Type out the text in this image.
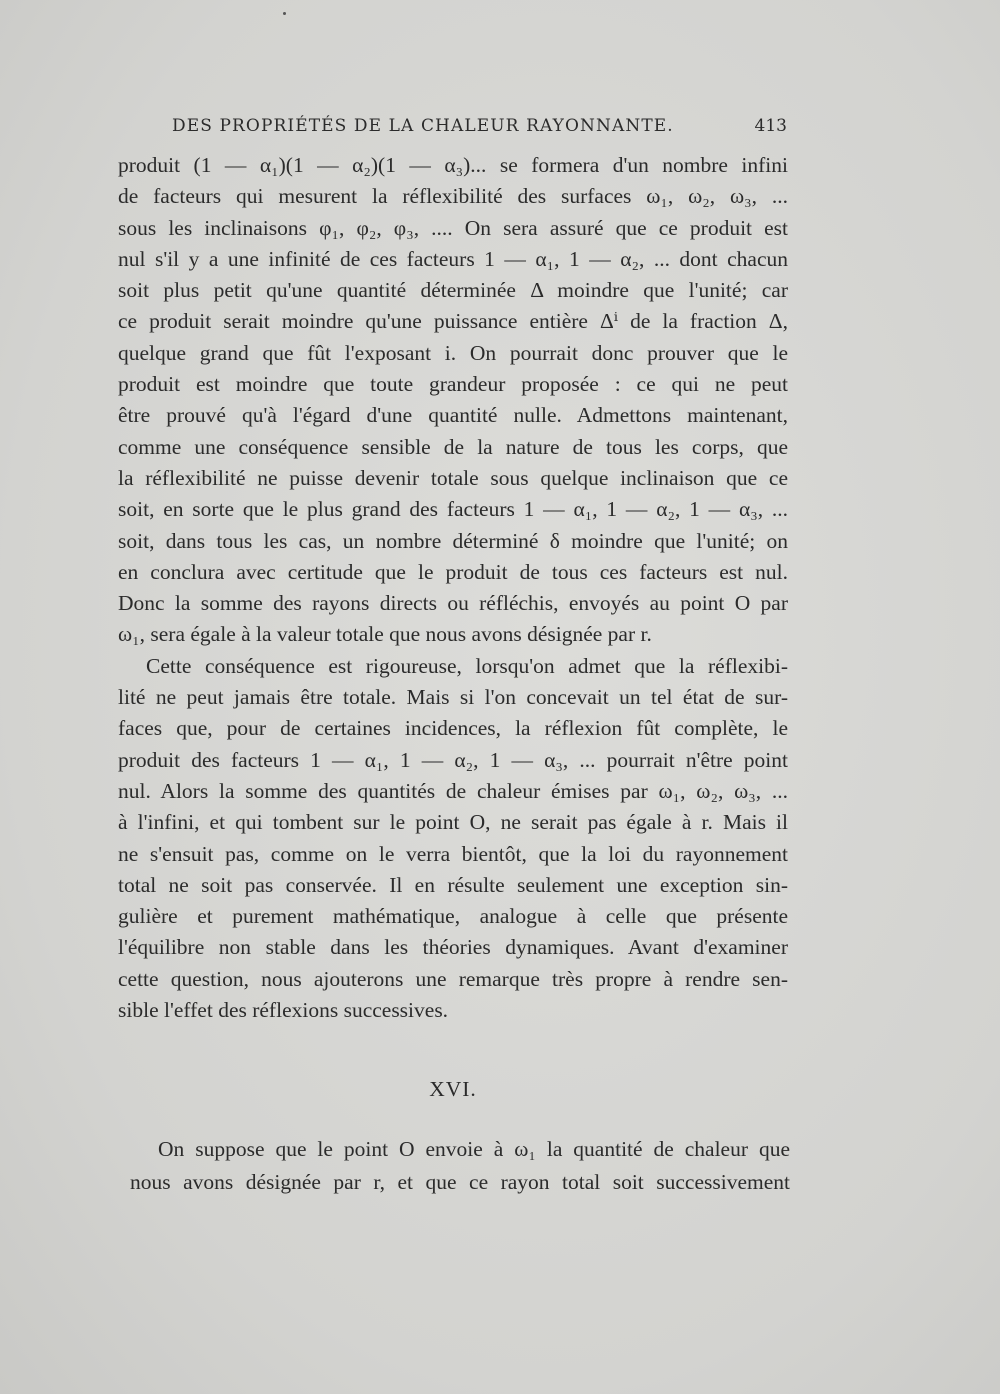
DES PROPRIÉTÉS DE LA CHALEUR RAYONNANTE.	413
produit (1 — α₁)(1 — α₂)(1 — α₃)... se formera d'un nombre infini
de facteurs qui mesurent la réflexibilité des surfaces ω₁, ω₂, ω₃, ...
sous les inclinaisons φ₁, φ₂, φ₃, .... On sera assuré que ce produit est
nul s'il y a une infinité de ces facteurs 1 — α₁, 1 — α₂, ... dont chacun
soit plus petit qu'une quantité déterminée Δ moindre que l'unité; car
ce produit serait moindre qu'une puissance entière Δⁱ de la fraction Δ,
quelque grand que fût l'exposant i. On pourrait donc prouver que le
produit est moindre que toute grandeur proposée : ce qui ne peut
être prouvé qu'à l'égard d'une quantité nulle. Admettons maintenant,
comme une conséquence sensible de la nature de tous les corps, que
la réflexibilité ne puisse devenir totale sous quelque inclinaison que ce
soit, en sorte que le plus grand des facteurs 1 — α₁, 1 — α₂, 1 — α₃, ...
soit, dans tous les cas, un nombre déterminé δ moindre que l'unité; on
en conclura avec certitude que le produit de tous ces facteurs est nul.
Donc la somme des rayons directs ou réfléchis, envoyés au point O par
ω₁, sera égale à la valeur totale que nous avons désignée par r.
Cette conséquence est rigoureuse, lorsqu'on admet que la réflexibi-
lité ne peut jamais être totale. Mais si l'on concevait un tel état de sur-
faces que, pour de certaines incidences, la réflexion fût complète, le
produit des facteurs 1 — α₁, 1 — α₂, 1 — α₃, ... pourrait n'être point
nul. Alors la somme des quantités de chaleur émises par ω₁, ω₂, ω₃, ...
à l'infini, et qui tombent sur le point O, ne serait pas égale à r. Mais il
ne s'ensuit pas, comme on le verra bientôt, que la loi du rayonnement
total ne soit pas conservée. Il en résulte seulement une exception sin-
gulière et purement mathématique, analogue à celle que présente
l'équilibre non stable dans les théories dynamiques. Avant d'examiner
cette question, nous ajouterons une remarque très propre à rendre sen-
sible l'effet des réflexions successives.
XVI.
On suppose que le point O envoie à ω₁ la quantité de chaleur que
nous avons désignée par r, et que ce rayon total soit successivement
